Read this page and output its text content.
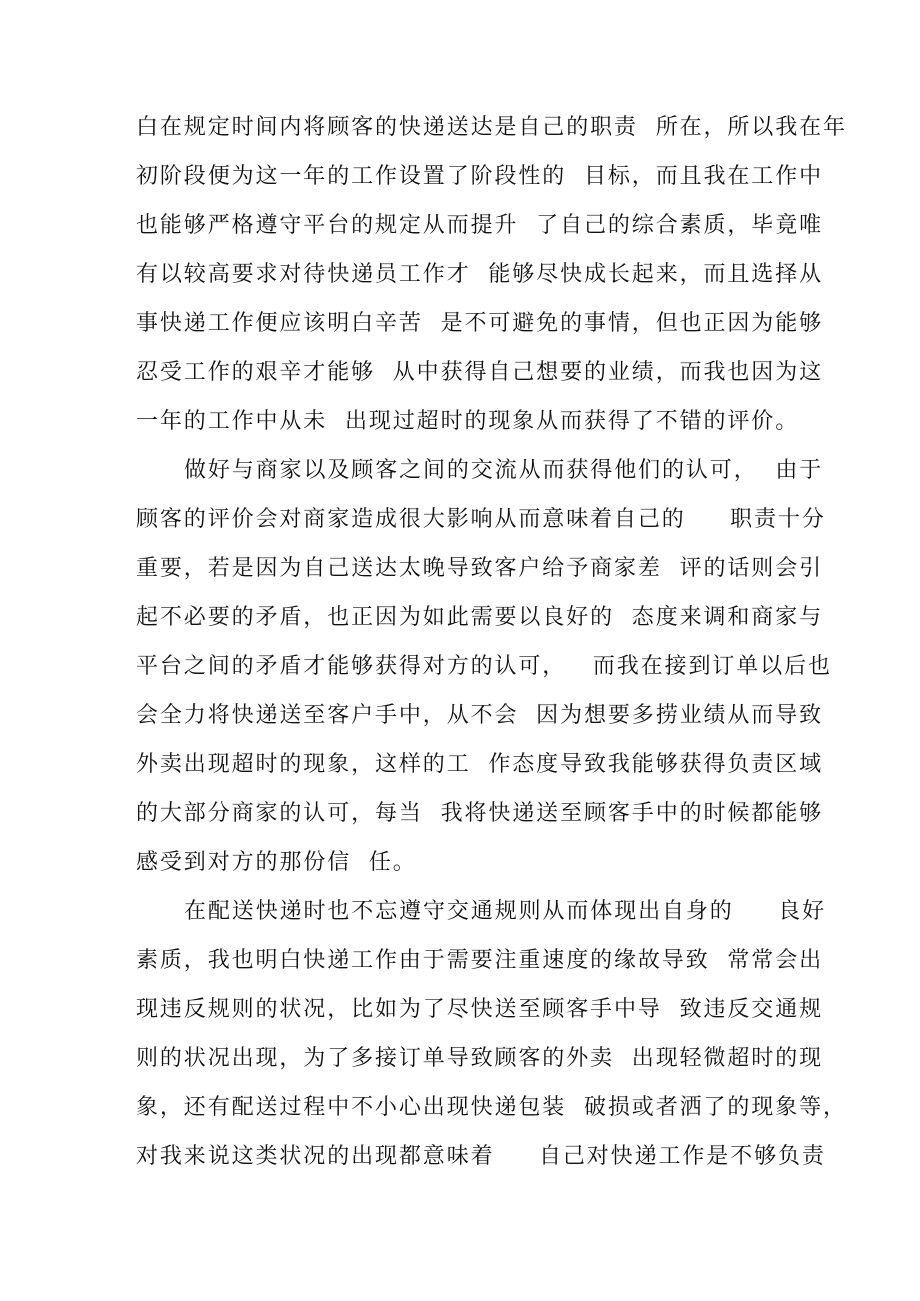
白在规定时间内将顾客的快递送达是自己的职责  所在，所以我在年
初阶段便为这一年的工作设置了阶段性的  目标，而且我在工作中
也能够严格遵守平台的规定从而提升  了自己的综合素质，毕竟唯
有以较高要求对待快递员工作才  能够尽快成长起来，而且选择从
事快递工作便应该明白辛苦  是不可避免的事情，但也正因为能够
忍受工作的艰辛才能够  从中获得自己想要的业绩，而我也因为这
一年的工作中从未  出现过超时的现象从而获得了不错的评价。
做好与商家以及顾客之间的交流从而获得他们的认可，  由于
顾客的评价会对商家造成很大影响从而意味着自己的     职责十分
重要，若是因为自己送达太晚导致客户给予商家差  评的话则会引
起不必要的矛盾，也正因为如此需要以良好的  态度来调和商家与
平台之间的矛盾才能够获得对方的认可，   而我在接到订单以后也
会全力将快递送至客户手中，从不会  因为想要多捞业绩从而导致
外卖出现超时的现象，这样的工  作态度导致我能够获得负责区域
的大部分商家的认可，每当  我将快递送至顾客手中的时候都能够
感受到对方的那份信  任。
在配送快递时也不忘遵守交通规则从而体现出自身的     良好
素质，我也明白快递工作由于需要注重速度的缘故导致  常常会出
现违反规则的状况，比如为了尽快送至顾客手中导  致违反交通规
则的状况出现，为了多接订单导致顾客的外卖  出现轻微超时的现
象，还有配送过程中不小心出现快递包装  破损或者洒了的现象等，
对我来说这类状况的出现都意味着     自己对快递工作是不够负责
